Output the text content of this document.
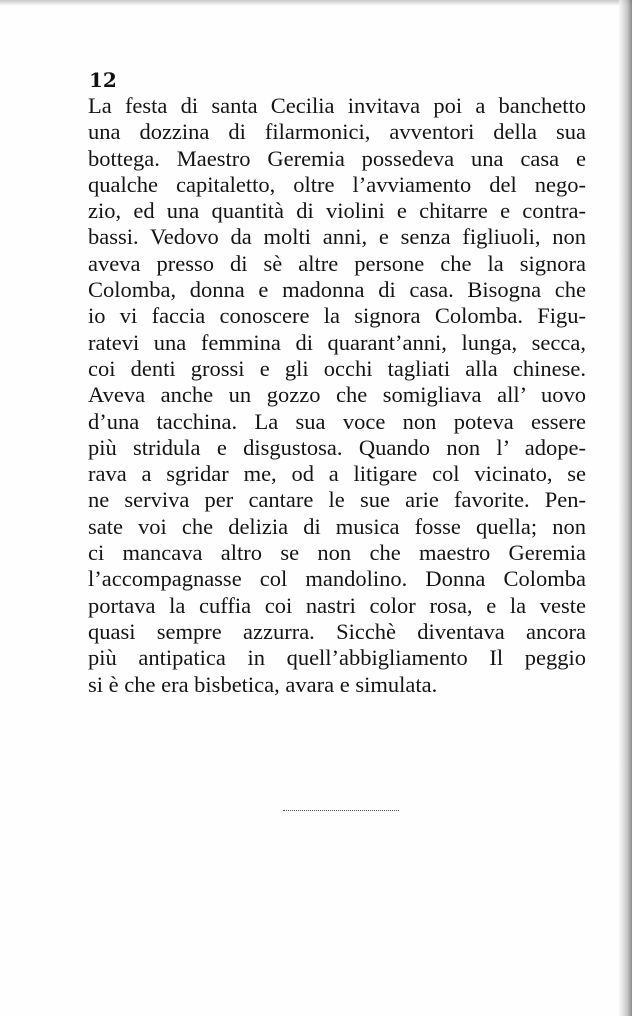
12

La festa di santa Cecilia invitava poi a banchetto
una dozzina di filarmonici, avventori della sua
bottega. Maestro Geremia possedeva una casa e
qualche capitaletto, oltre l’avviamento del nego-
zio, ed una quantità di violini e chitarre e contra-
bassi. Vedovo da molti anni, e senza figliuoli, non
aveva presso di sè altre persone che la signora
Colomba, donna e madonna di casa. Bisogna che
io vi faccia conoscere la signora Colomba. Figu-
ratevi una femmina di quarant’anni, lunga, secca,
coi denti grossi e gli occhi tagliati alla chinese.
Aveva anche un gozzo che somigliava all’ uovo
d’una tacchina. La sua voce non poteva essere
più stridula e disgustosa. Quando non l’ adope-
rava a sgridar me, od a litigare col vicinato, se
ne serviva per cantare le sue arie favorite. Pen-
sate voi che delizia di musica fosse quella; non
ci mancava altro se non che maestro Geremia
l’accompagnasse col mandolino. Donna Colomba
portava la cuffia coi nastri color rosa, e la veste
quasi sempre azzurra. Sicchè diventava ancora
più antipatica in quell’abbigliamento Il peggio
si è che era bisbetica, avara e simulata.
